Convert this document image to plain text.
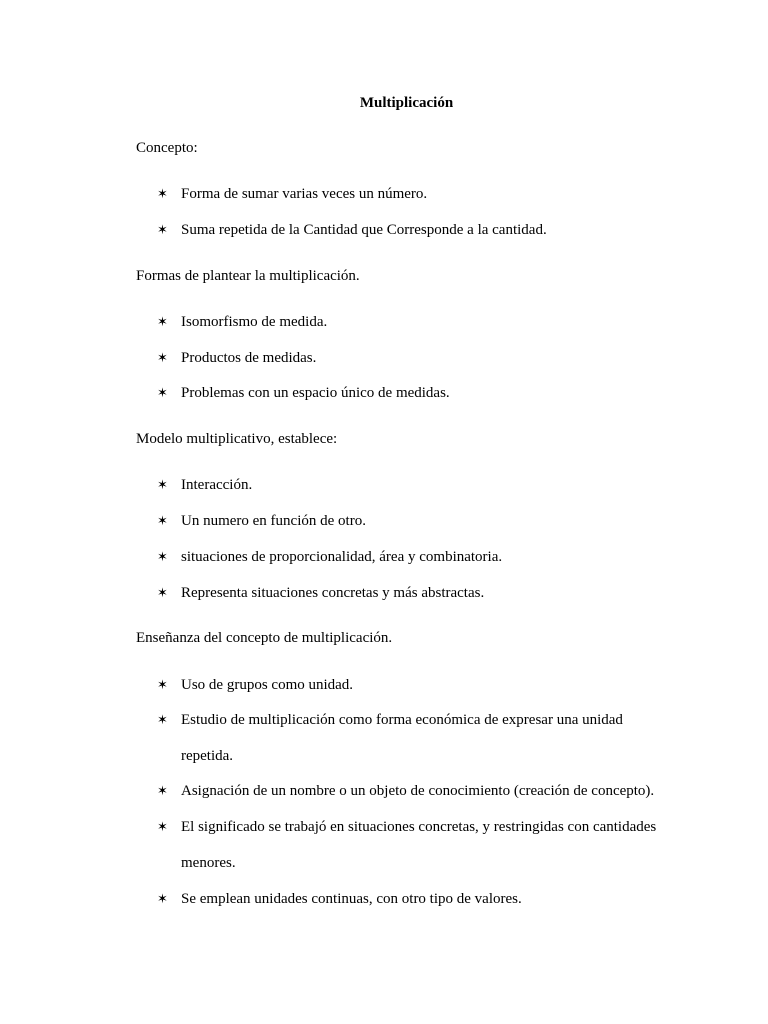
Multiplicación
Concepto:
✶ Forma de sumar varias veces un número.
✶ Suma repetida de la Cantidad que Corresponde a la cantidad.
Formas de plantear la multiplicación.
✶ Isomorfismo de medida.
✶ Productos de medidas.
✶ Problemas con un espacio único de medidas.
Modelo multiplicativo, establece:
✶ Interacción.
✶ Un numero en función de otro.
✶ situaciones de proporcionalidad, área y combinatoria.
✶ Representa situaciones concretas y más abstractas.
Enseñanza del concepto de multiplicación.
✶ Uso de grupos como unidad.
✶ Estudio de multiplicación como forma económica de expresar una unidad repetida.
✶ Asignación de un nombre o un objeto de conocimiento (creación de concepto).
✶ El significado se trabajó en situaciones concretas, y restringidas con cantidades menores.
✶ Se emplean unidades continuas, con otro tipo de valores.
